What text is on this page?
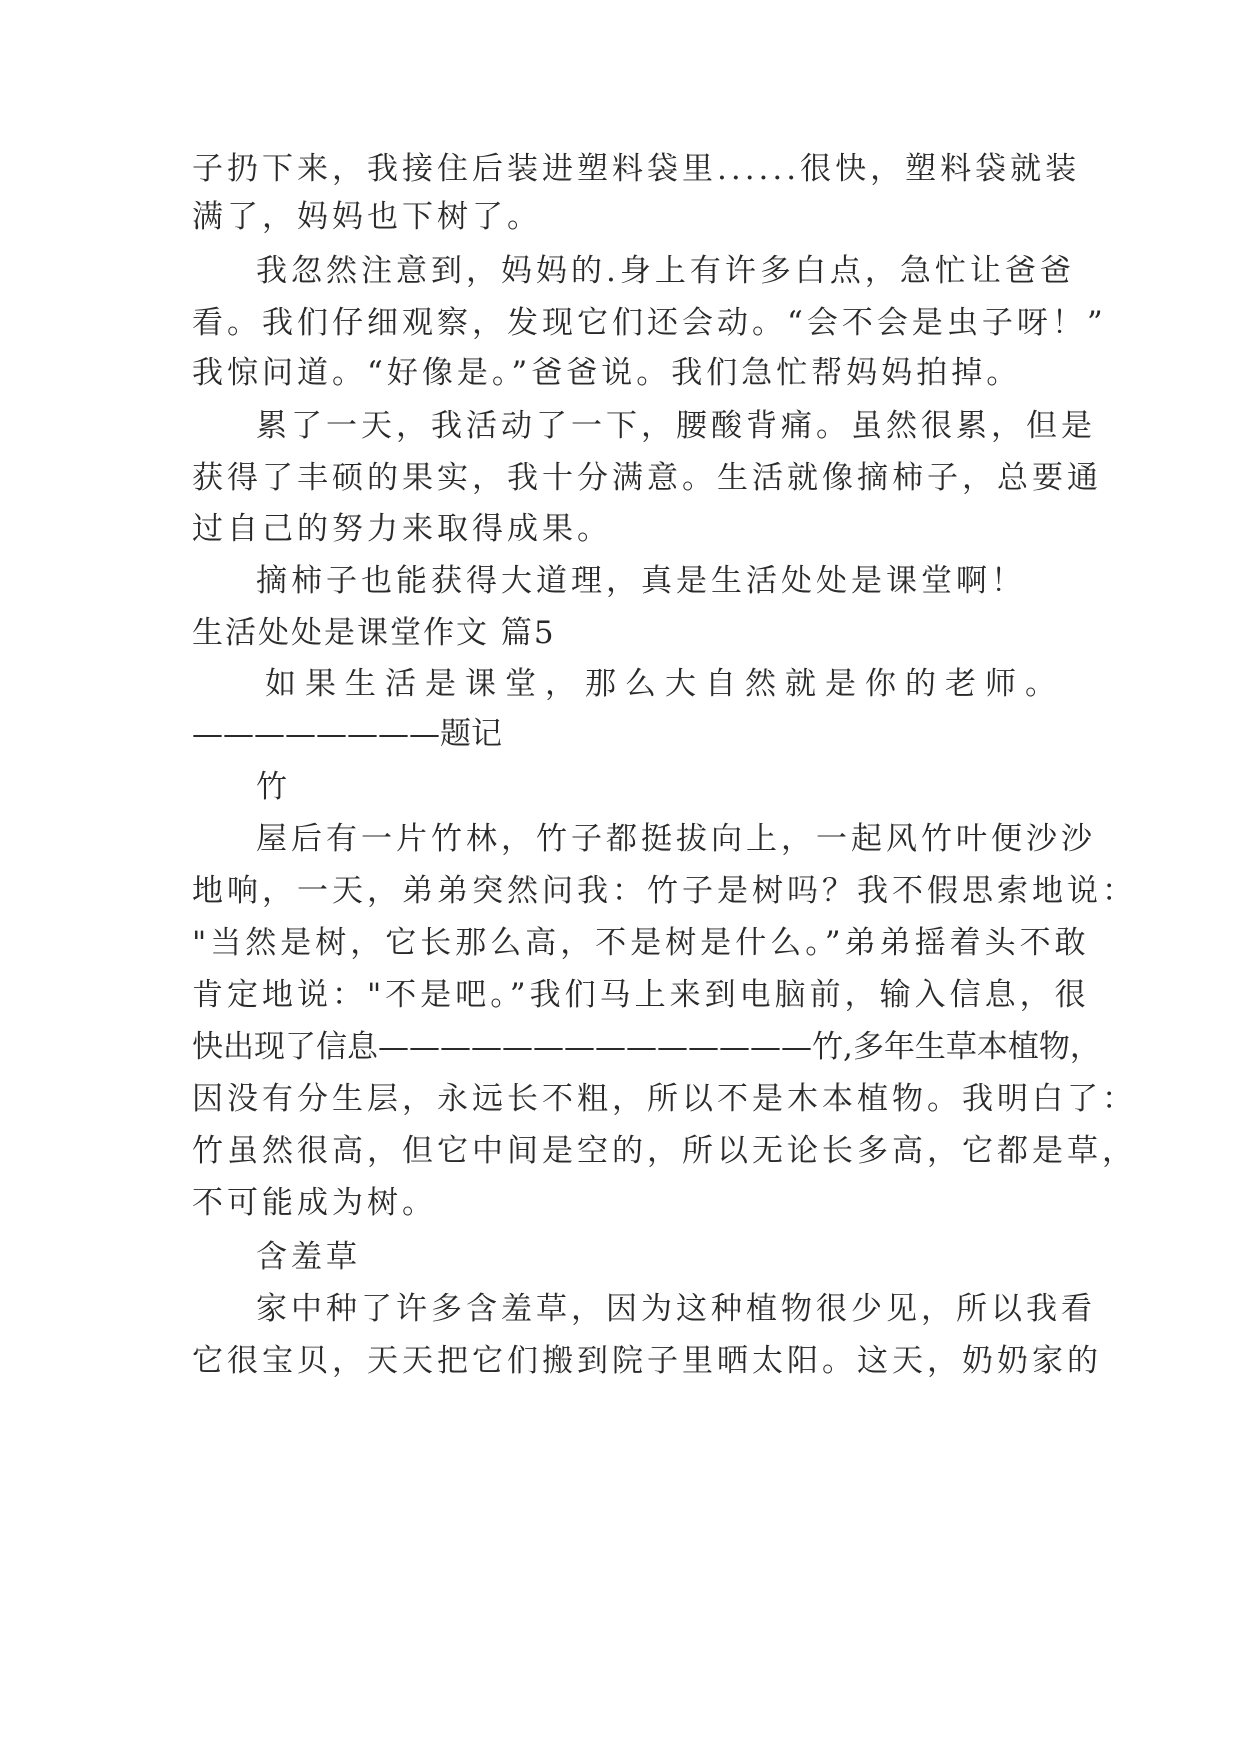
子扔下来，我接住后装进塑料袋里......很快，塑料袋就装
满了，妈妈也下树了。
我忽然注意到，妈妈的.身上有许多白点，急忙让爸爸
看。我们仔细观察，发现它们还会动。“会不会是虫子呀！”
我惊问道。“好像是。”爸爸说。我们急忙帮妈妈拍掉。
累了一天，我活动了一下，腰酸背痛。虽然很累，但是
获得了丰硕的果实，我十分满意。生活就像摘柿子，总要通
过自己的努力来取得成果。
摘柿子也能获得大道理，真是生活处处是课堂啊！
生活处处是课堂作文 篇5
如果生活是课堂，那么大自然就是你的老师。
————————题记
竹
屋后有一片竹林，竹子都挺拔向上，一起风竹叶便沙沙
地响，一天，弟弟突然问我：竹子是树吗？我不假思索地说：
"当然是树，它长那么高，不是树是什么。”弟弟摇着头不敢
肯定地说："不是吧。”我们马上来到电脑前，输入信息，很
快出现了信息——————————————竹,多年生草本植物，
因没有分生层，永远长不粗，所以不是木本植物。我明白了：
竹虽然很高，但它中间是空的，所以无论长多高，它都是草，
不可能成为树。
含羞草
家中种了许多含羞草，因为这种植物很少见，所以我看
它很宝贝，天天把它们搬到院子里晒太阳。这天，奶奶家的
